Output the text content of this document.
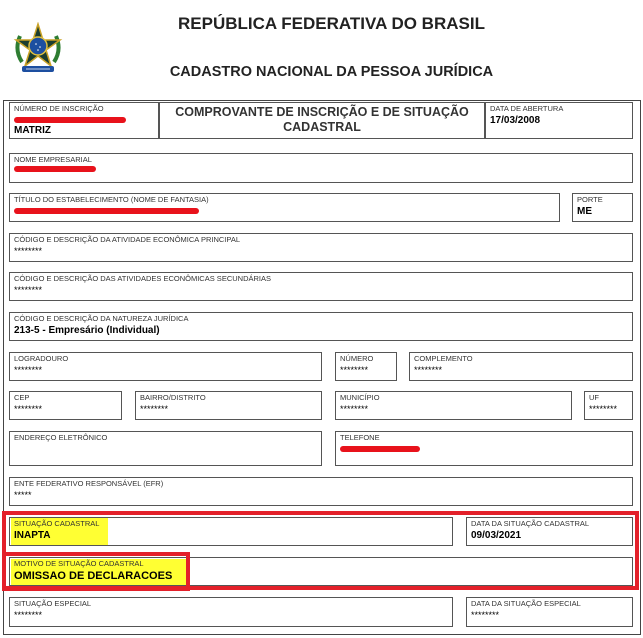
REPÚBLICA FEDERATIVA DO BRASIL
CADASTRO NACIONAL DA PESSOA JURÍDICA
NÚMERO DE INSCRIÇÃO
MATRIZ
COMPROVANTE DE INSCRIÇÃO E DE SITUAÇÃO
CADASTRAL
DATA DE ABERTURA
17/03/2008
NOME EMPRESARIAL
TÍTULO DO ESTABELECIMENTO (NOME DE FANTASIA)	PORTE
ME
CÓDIGO E DESCRIÇÃO DA ATIVIDADE ECONÔMICA PRINCIPAL
********
CÓDIGO E DESCRIÇÃO DAS ATIVIDADES ECONÔMICAS SECUNDÁRIAS
********
CÓDIGO E DESCRIÇÃO DA NATUREZA JURÍDICA
213-5 - Empresário (Individual)
LOGRADOURO
********
NÚMERO
********
COMPLEMENTO
********
CEP
********
BAIRRO/DISTRITO
********
MUNICÍPIO
********
UF
********
ENDEREÇO ELETRÔNICO	TELEFONE
ENTE FEDERATIVO RESPONSÁVEL (EFR)
*****
SITUAÇÃO CADASTRAL
INAPTA
DATA DA SITUAÇÃO CADASTRAL
09/03/2021
MOTIVO DE SITUAÇÃO CADASTRAL
OMISSAO DE DECLARACOES
SITUAÇÃO ESPECIAL
********
DATA DA SITUAÇÃO ESPECIAL
********
